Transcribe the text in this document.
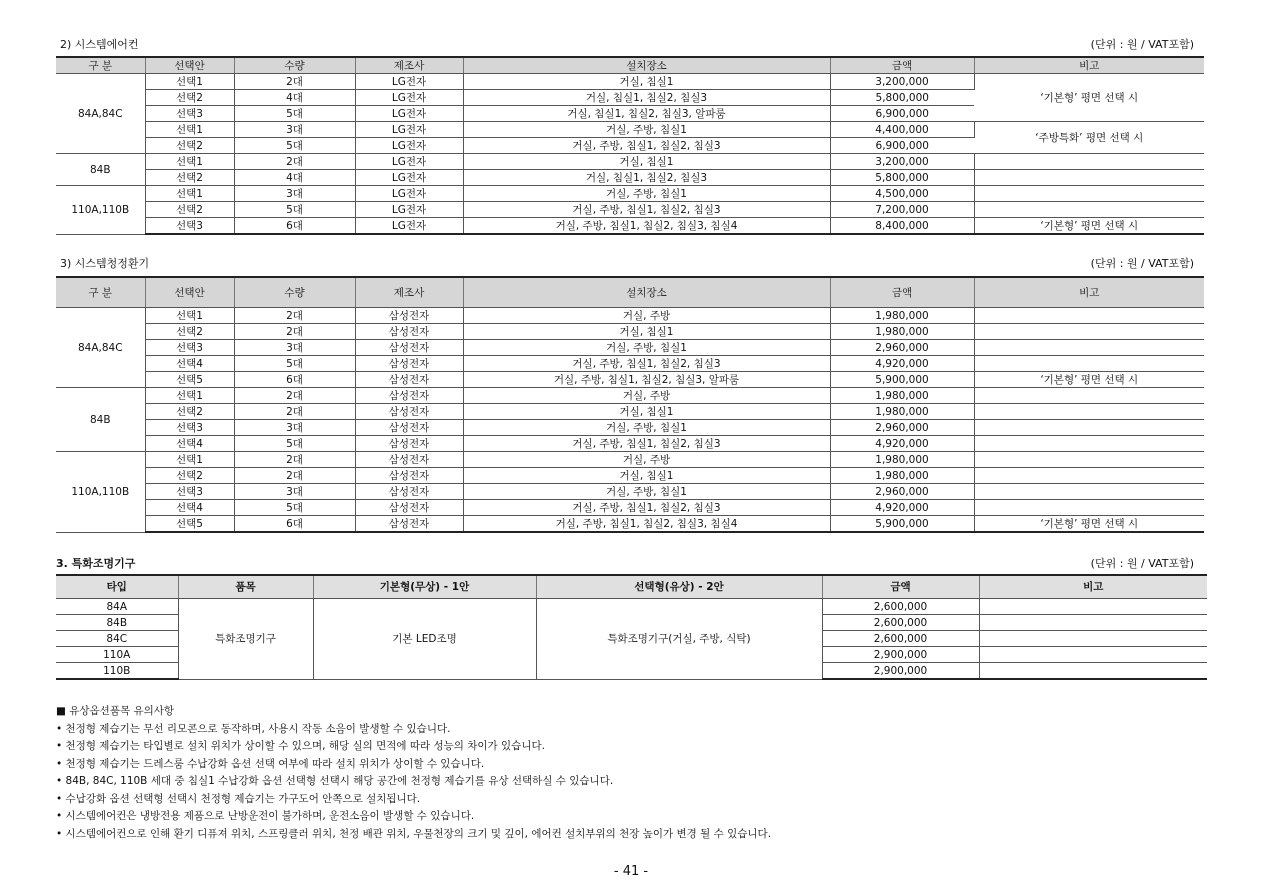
2) 시스템에어컨	(단위 : 원 / VAT포함)
구 분	선택안	수량	제조사	설치장소	금액	비고
84A,84C	선택1	2대	LG전자	거실, 침실1	3,200,000	‘기본형’ 평면 선택 시
	선택2	4대	LG전자	거실, 침실1, 침실2, 침실3	5,800,000	
	선택3	5대	LG전자	거실, 침실1, 침실2, 침실3, 알파룸	6,900,000	
	선택1	3대	LG전자	거실, 주방, 침실1	4,400,000	‘주방특화’ 평면 선택 시
	선택2	5대	LG전자	거실, 주방, 침실1, 침실2, 침실3	6,900,000	
84B	선택1	2대	LG전자	거실, 침실1	3,200,000	
	선택2	4대	LG전자	거실, 침실1, 침실2, 침실3	5,800,000	
110A,110B	선택1	3대	LG전자	거실, 주방, 침실1	4,500,000	
	선택2	5대	LG전자	거실, 주방, 침실1, 침실2, 침실3	7,200,000	
	선택3	6대	LG전자	거실, 주방, 침실1, 침실2, 침실3, 침실4	8,400,000	‘기본형’ 평면 선택 시
3) 시스템청정환기	(단위 : 원 / VAT포함)
구 분	선택안	수량	제조사	설치장소	금액	비고
84A,84C	선택1	2대	삼성전자	거실, 주방	1,980,000	
	선택2	2대	삼성전자	거실, 침실1	1,980,000	
	선택3	3대	삼성전자	거실, 주방, 침실1	2,960,000	
	선택4	5대	삼성전자	거실, 주방, 침실1, 침실2, 침실3	4,920,000	
	선택5	6대	삼성전자	거실, 주방, 침실1, 침실2, 침실3, 알파룸	5,900,000	‘기본형’ 평면 선택 시
84B	선택1	2대	삼성전자	거실, 주방	1,980,000	
	선택2	2대	삼성전자	거실, 침실1	1,980,000	
	선택3	3대	삼성전자	거실, 주방, 침실1	2,960,000	
	선택4	5대	삼성전자	거실, 주방, 침실1, 침실2, 침실3	4,920,000	
110A,110B	선택1	2대	삼성전자	거실, 주방	1,980,000	
	선택2	2대	삼성전자	거실, 침실1	1,980,000	
	선택3	3대	삼성전자	거실, 주방, 침실1	2,960,000	
	선택4	5대	삼성전자	거실, 주방, 침실1, 침실2, 침실3	4,920,000	
	선택5	6대	삼성전자	거실, 주방, 침실1, 침실2, 침실3, 침실4	5,900,000	‘기본형’ 평면 선택 시
3. 특화조명기구	(단위 : 원 / VAT포함)
타입	품목	기본형(무상) - 1안	선택형(유상) - 2안	금액	비고
84A	특화조명기구	기본 LED조명	특화조명기구(거실, 주방, 식탁)	2,600,000	
84B				2,600,000	
84C				2,600,000	
110A				2,900,000	
110B				2,900,000	
■ 유상옵션품목 유의사항
• 천정형 제습기는 무선 리모콘으로 동작하며, 사용시 작동 소음이 발생할 수 있습니다.
• 천정형 제습기는 타입별로 설치 위치가 상이할 수 있으며, 해당 실의 면적에 따라 성능의 차이가 있습니다.
• 천정형 제습기는 드레스룸 수납강화 옵션 선택 여부에 따라 설치 위치가 상이할 수 있습니다.
• 84B, 84C, 110B 세대 중 침실1 수납강화 옵션 선택형 선택시 해당 공간에 천정형 제습기를 유상 선택하실 수 있습니다.
• 수납강화 옵션 선택형 선택시 천정형 제습기는 가구도어 안쪽으로 설치됩니다.
• 시스템에어컨은 냉방전용 제품으로 난방운전이 불가하며, 운전소음이 발생할 수 있습니다.
• 시스템에어컨으로 인해 환기 디퓨져 위치, 스프링클러 위치, 천정 배관 위치, 우물천장의 크기 및 깊이, 에어컨 설치부위의 천장 높이가 변경 될 수 있습니다.
- 41 -
